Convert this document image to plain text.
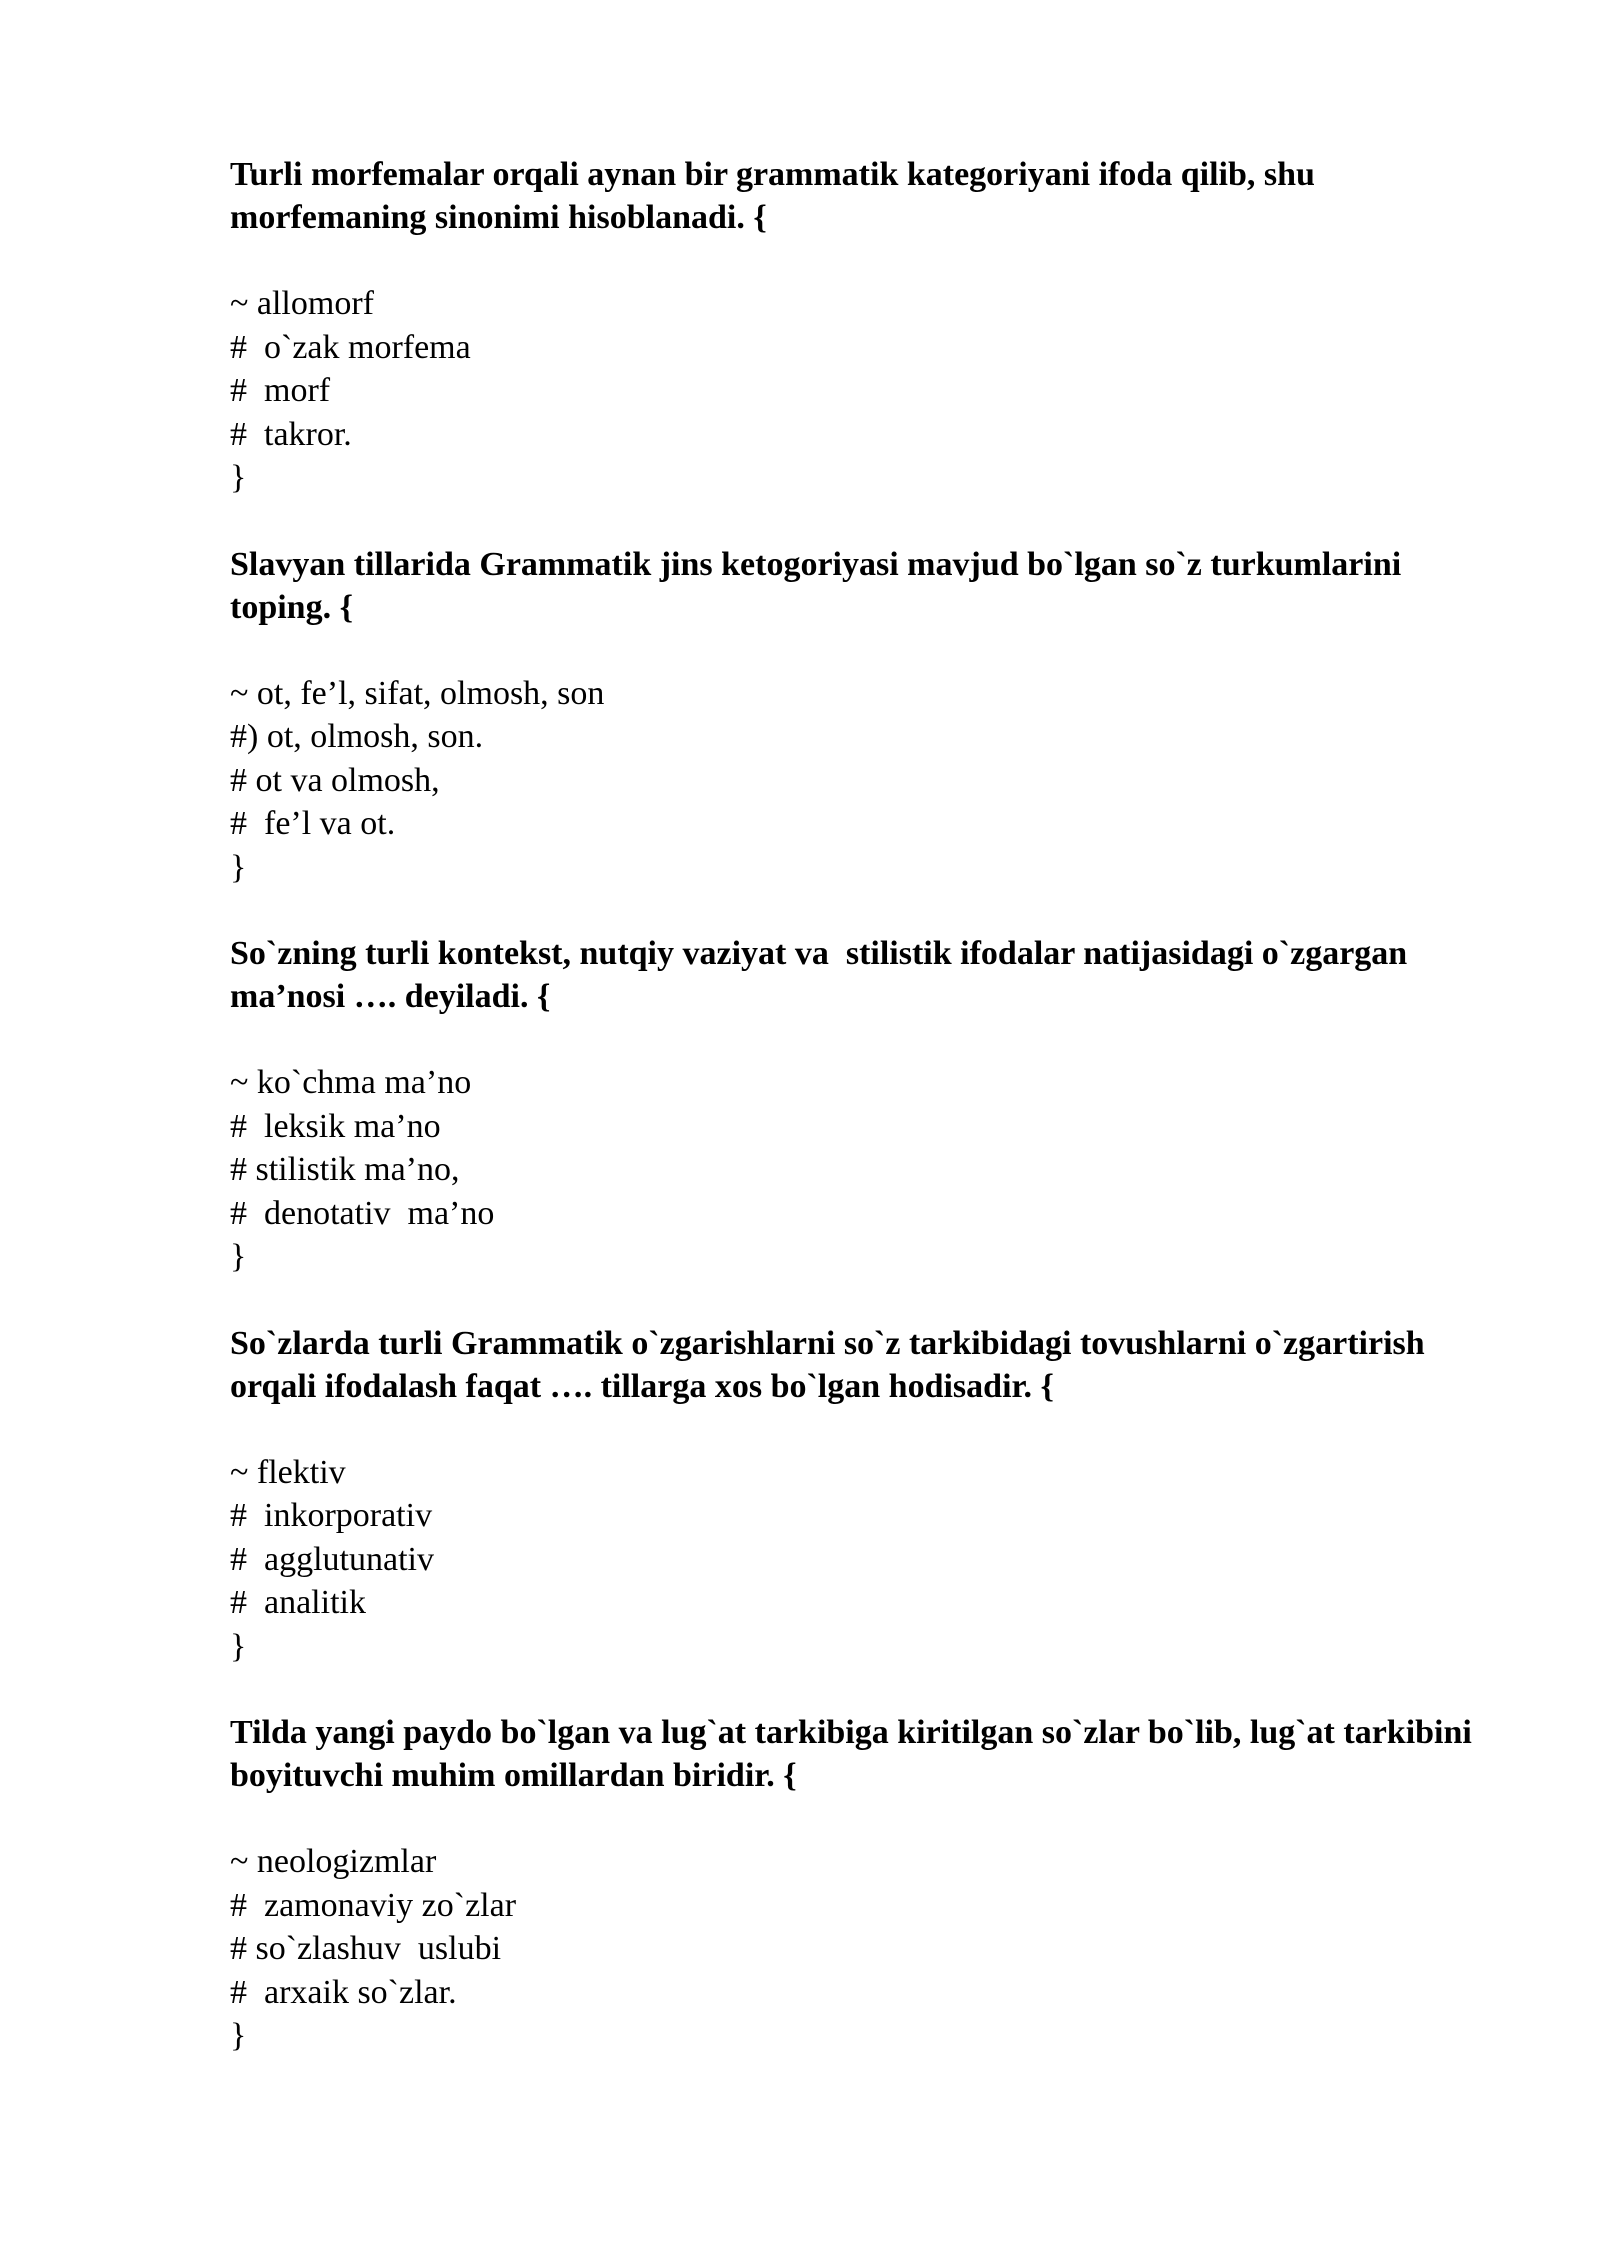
Turli morfemalar orqali aynan bir grammatik kategoriyani ifoda qilib, shu morfemaning sinonimi hisoblanadi. {
~ allomorf
#  o`zak morfema
#  morf
#  takror.
}
Slavyan tillarida Grammatik jins ketogoriyasi mavjud bo`lgan so`z turkumlarini toping. {
~ ot, fe’l, sifat, olmosh, son
#) ot, olmosh, son.
# ot va olmosh,
#  fe’l va ot.
}
So`zning turli kontekst, nutqiy vaziyat va  stilistik ifodalar natijasidagi o`zgargan ma’nosi …. deyiladi. {
~ ko`chma ma’no
#  leksik ma’no
# stilistik ma’no,
#  denotativ  ma’no
}
So`zlarda turli Grammatik o`zgarishlarni so`z tarkibidagi tovushlarni o`zgartirish orqali ifodalash faqat …. tillarga xos bo`lgan hodisadir. {
~ flektiv
#  inkorporativ
#  agglutunativ
#  analitik
}
Tilda yangi paydo bo`lgan va lug`at tarkibiga kiritilgan so`zlar bo`lib, lug`at tarkibini boyituvchi muhim omillardan biridir. {
~ neologizmlar
#  zamonaviy zo`zlar
# so`zlashuv  uslubi
#  arxaik so`zlar.
}
